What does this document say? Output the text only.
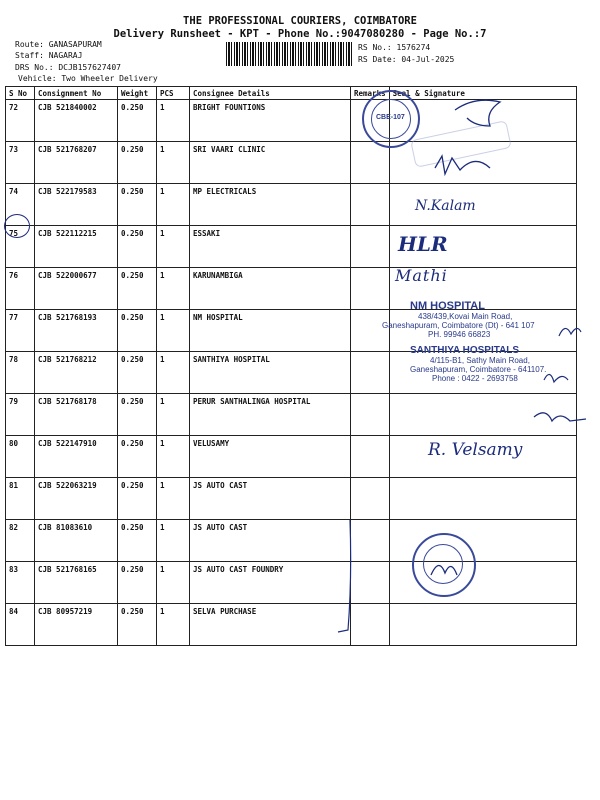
THE PROFESSIONAL COURIERS, COIMBATORE
Delivery Runsheet - KPT - Phone No.:9047080280 - Page No.:7
Route: GANASAPURAM
Staff: NAGARAJ
DRS No.: DCJB157627407
Vehicle: Two Wheeler Delivery
RS No.: 1576274
RS Date: 04-Jul-2025
S No	Consignment No	Weight	PCS	Consignee Details	Remarks	Seal & Signature
72	CJB 521840002	0.250	1	BRIGHT FOUNTIONS		
73	CJB 521768207	0.250	1	SRI VAARI CLINIC		
74	CJB 522179583	0.250	1	MP ELECTRICALS		
75	CJB 522112215	0.250	1	ESSAKI		
76	CJB 522000677	0.250	1	KARUNAMBIGA		
77	CJB 521768193	0.250	1	NM HOSPITAL		
78	CJB 521768212	0.250	1	SANTHIYA HOSPITAL		
79	CJB 521768178	0.250	1	PERUR SANTHALINGA HOSPITAL		
80	CJB 522147910	0.250	1	VELUSAMY		
81	CJB 522063219	0.250	1	JS AUTO CAST		
82	CJB 81083610	0.250	1	JS AUTO CAST		
83	CJB 521768165	0.250	1	JS AUTO CAST FOUNDRY		
84	CJB 80957219	0.250	1	SELVA PURCHASE		
CBE-107
N.Kalam
HLR
Mathi
NM HOSPITAL
438/439,Kovai Main Road,
Ganeshapuram, Coimbatore (Dt) - 641 107
PH. 99946 66823
SANTHIYA HOSPITALS
4/115-B1, Sathy Main Road,
Ganeshapuram, Coimbatore - 641107.
Phone : 0422 - 2693758
R. Velsamy
